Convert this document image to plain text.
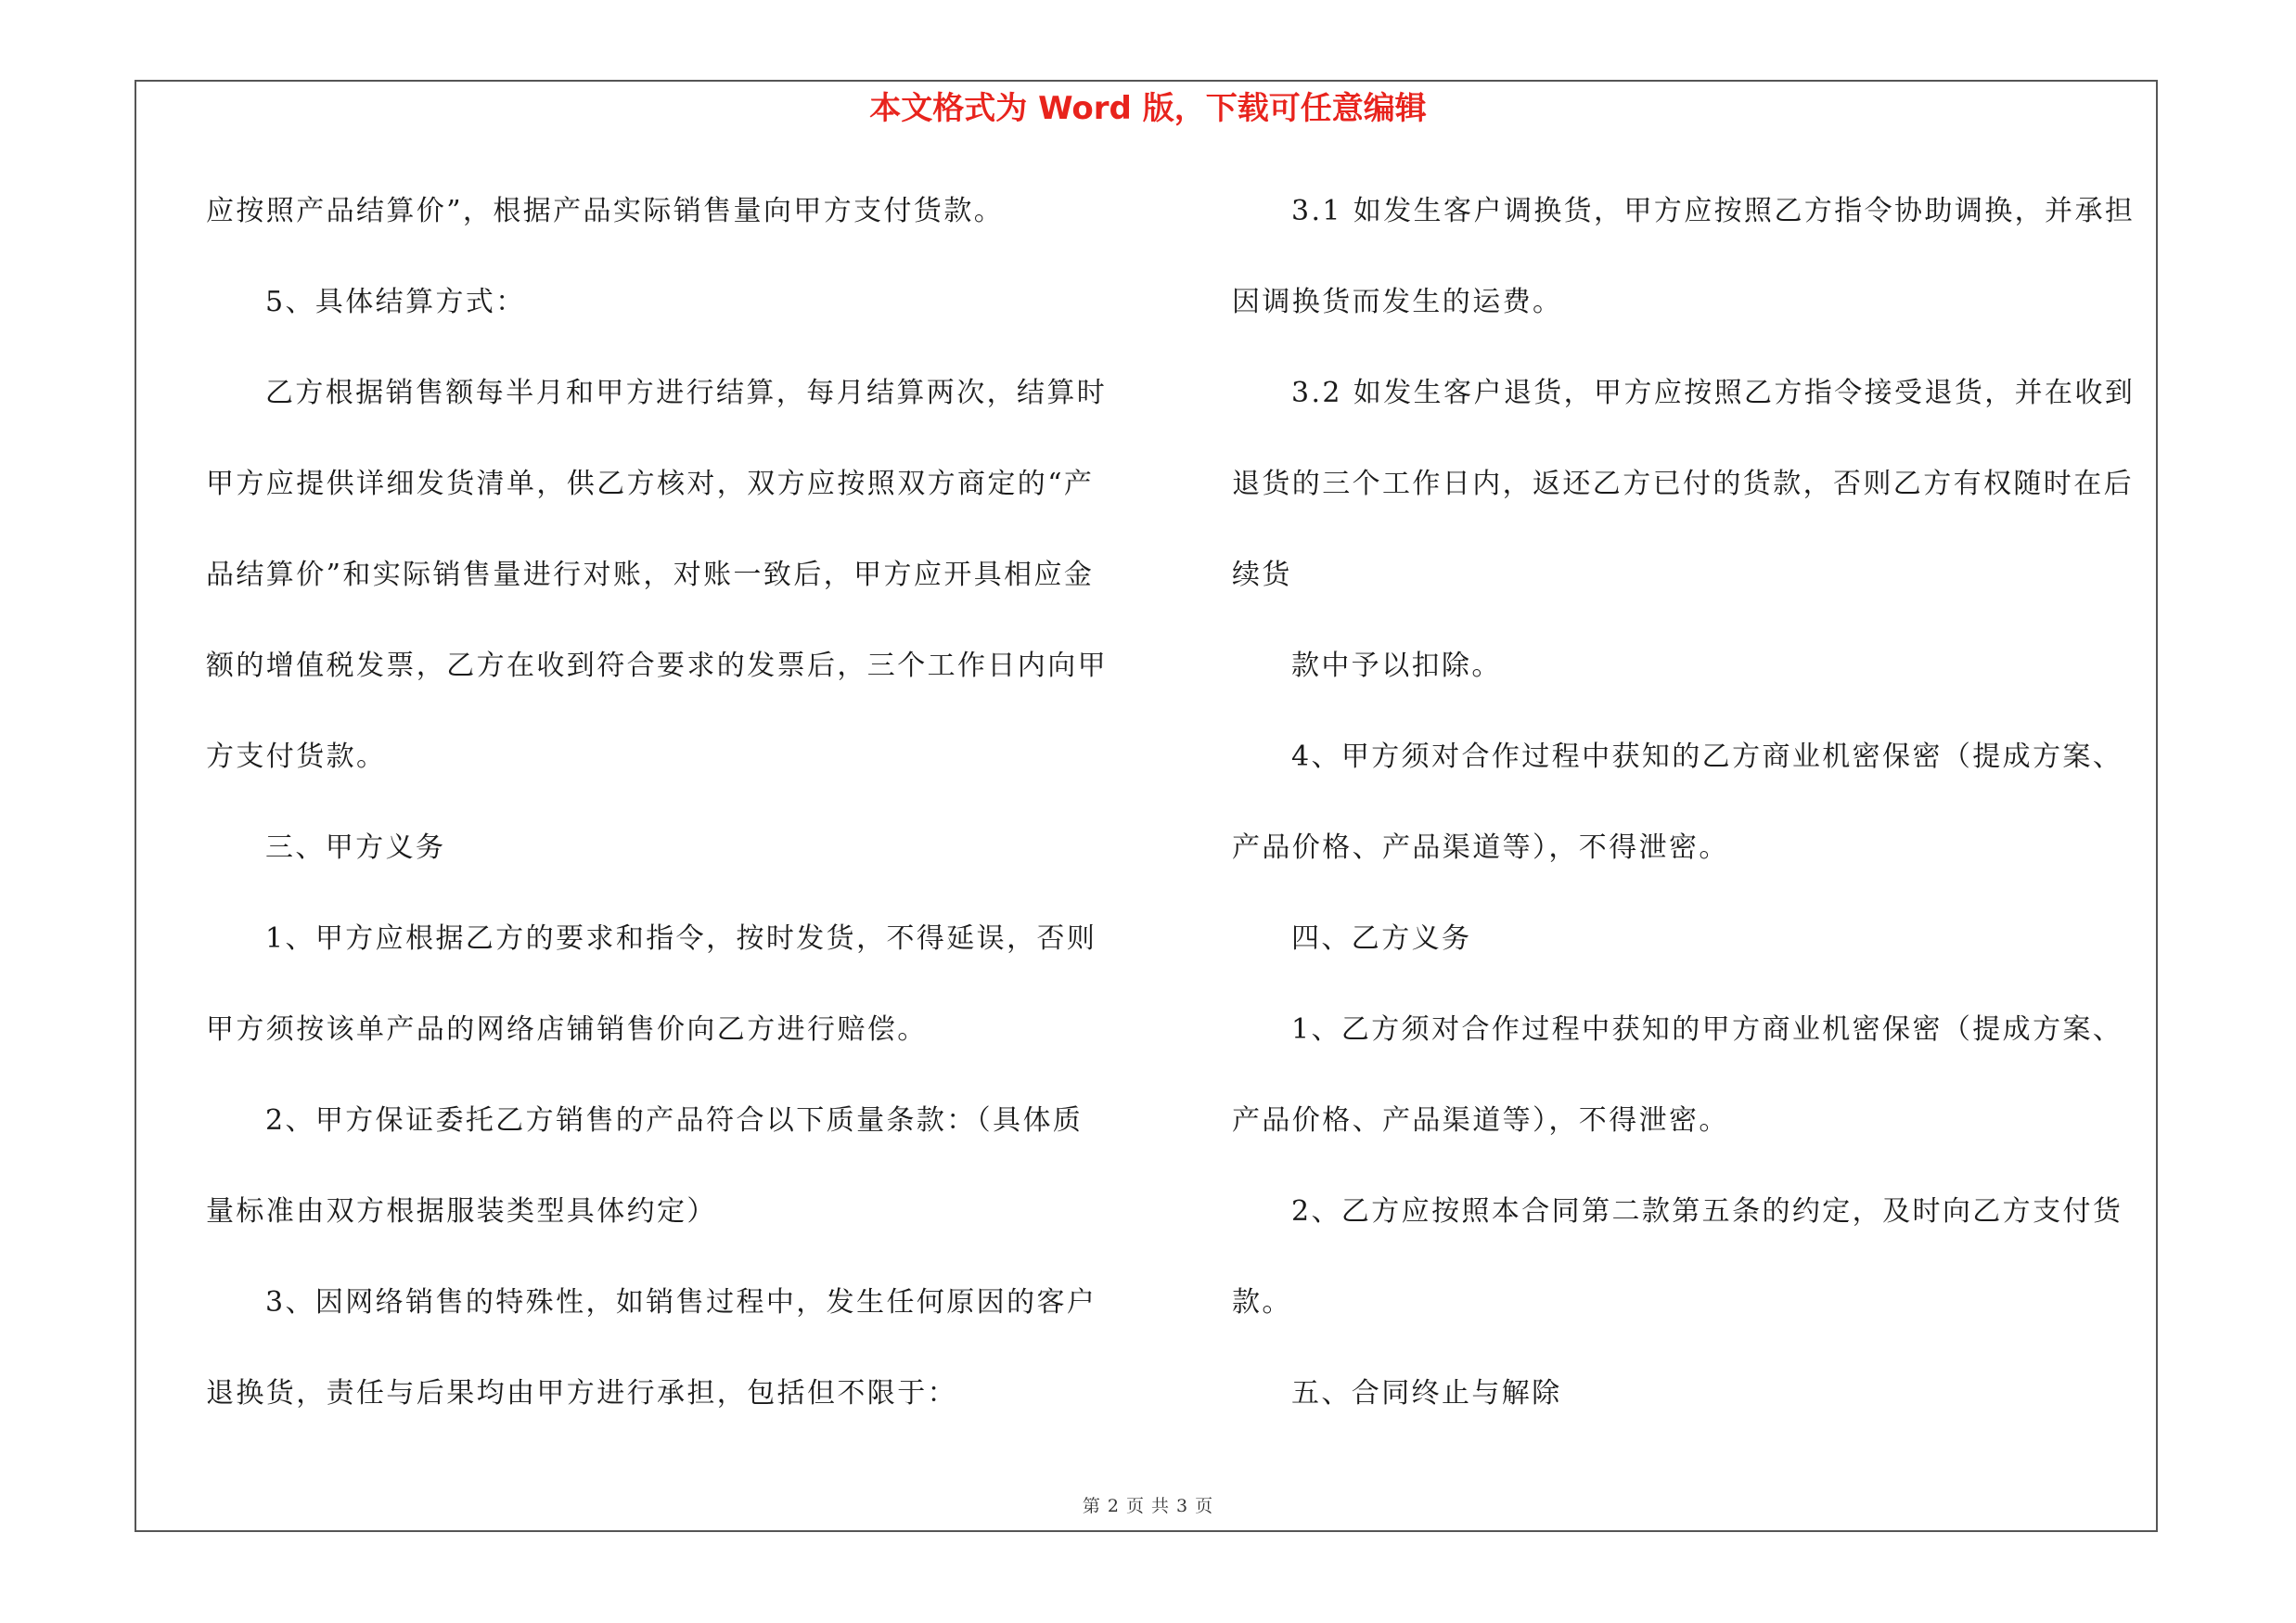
本文格式为 Word 版，下载可任意编辑
应按照产品结算价”，根据产品实际销售量向甲方支付货款。
5、具体结算方式：
乙方根据销售额每半月和甲方进行结算，每月结算两次，结算时
甲方应提供详细发货清单，供乙方核对，双方应按照双方商定的“产
品结算价”和实际销售量进行对账，对账一致后，甲方应开具相应金
额的增值税发票，乙方在收到符合要求的发票后，三个工作日内向甲
方支付货款。
三、甲方义务
1、甲方应根据乙方的要求和指令，按时发货，不得延误，否则
甲方须按该单产品的网络店铺销售价向乙方进行赔偿。
2、甲方保证委托乙方销售的产品符合以下质量条款：（具体质
量标准由双方根据服装类型具体约定）
3、因网络销售的特殊性，如销售过程中，发生任何原因的客户
退换货，责任与后果均由甲方进行承担，包括但不限于：
3.1 如发生客户调换货，甲方应按照乙方指令协助调换，并承担
因调换货而发生的运费。
3.2 如发生客户退货，甲方应按照乙方指令接受退货，并在收到
退货的三个工作日内，返还乙方已付的货款，否则乙方有权随时在后
续货
款中予以扣除。
4、甲方须对合作过程中获知的乙方商业机密保密（提成方案、
产品价格、产品渠道等），不得泄密。
四、乙方义务
1、乙方须对合作过程中获知的甲方商业机密保密（提成方案、
产品价格、产品渠道等），不得泄密。
2、乙方应按照本合同第二款第五条的约定，及时向乙方支付货
款。
五、合同终止与解除
第 2 页 共 3 页
